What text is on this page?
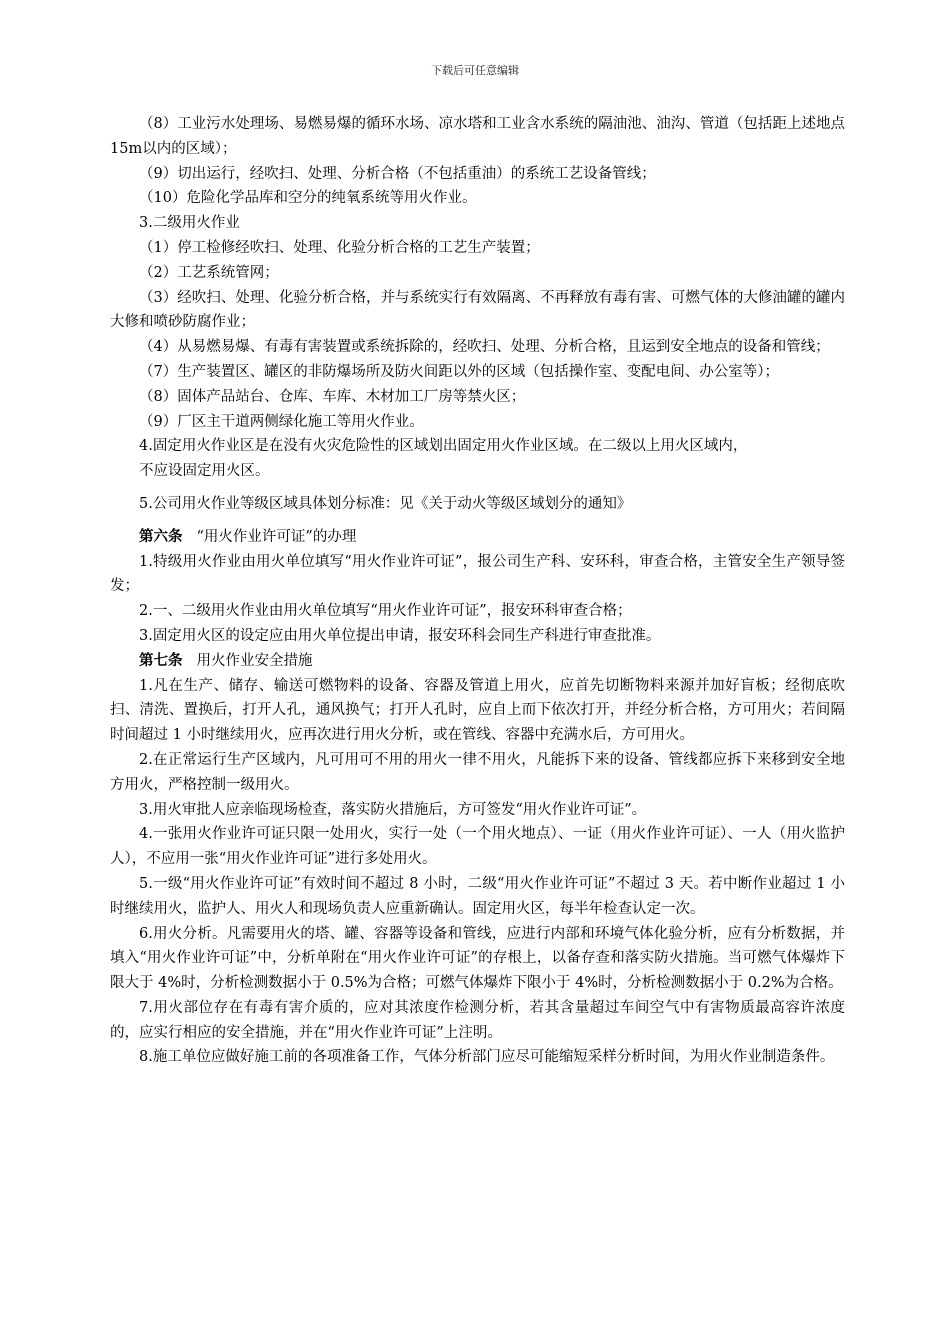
下载后可任意编辑

（8）工业污水处理场、易燃易爆的循环水场、凉水塔和工业含水系统的隔油池、油沟、管道（包括距上述地点15m以内的区域）；

（9）切出运行，经吹扫、处理、分析合格（不包括重油）的系统工艺设备管线；

（10）危险化学品库和空分的纯氧系统等用火作业。

3.二级用火作业

（1）停工检修经吹扫、处理、化验分析合格的工艺生产装置；

（2）工艺系统管网；

（3）经吹扫、处理、化验分析合格，并与系统实行有效隔离、不再释放有毒有害、可燃气体的大修油罐的罐内大修和喷砂防腐作业；

（4）从易燃易爆、有毒有害装置或系统拆除的，经吹扫、处理、分析合格，且运到安全地点的设备和管线；

（7）生产装置区、罐区的非防爆场所及防火间距以外的区域（包括操作室、变配电间、办公室等）；

（8）固体产品站台、仓库、车库、木材加工厂房等禁火区；

（9）厂区主干道两侧绿化施工等用火作业。

4.固定用火作业区是在没有火灾危险性的区域划出固定用火作业区域。在二级以上用火区域内，

不应设固定用火区。

5.公司用火作业等级区域具体划分标准：见《关于动火等级区域划分的通知》

第六条 “用火作业许可证”的办理

1.特级用火作业由用火单位填写“用火作业许可证”，报公司生产科、安环科，审查合格，主管安全生产领导签发；

2.一、二级用火作业由用火单位填写“用火作业许可证”，报安环科审查合格；

3.固定用火区的设定应由用火单位提出申请，报安环科会同生产科进行审查批准。

第七条 用火作业安全措施

1.凡在生产、储存、输送可燃物料的设备、容器及管道上用火，应首先切断物料来源并加好盲板；经彻底吹扫、清洗、置换后，打开人孔，通风换气；打开人孔时，应自上而下依次打开，并经分析合格，方可用火；若间隔时间超过 1 小时继续用火，应再次进行用火分析，或在管线、容器中充满水后，方可用火。

2.在正常运行生产区域内，凡可用可不用的用火一律不用火，凡能拆下来的设备、管线都应拆下来移到安全地方用火，严格控制一级用火。

3.用火审批人应亲临现场检查，落实防火措施后，方可签发“用火作业许可证”。

4.一张用火作业许可证只限一处用火，实行一处（一个用火地点）、一证（用火作业许可证）、一人（用火监护人），不应用一张“用火作业许可证”进行多处用火。

5.一级“用火作业许可证”有效时间不超过 8 小时，二级“用火作业许可证”不超过 3 天。若中断作业超过 1 小时继续用火，监护人、用火人和现场负责人应重新确认。固定用火区，每半年检查认定一次。

6.用火分析。凡需要用火的塔、罐、容器等设备和管线，应进行内部和环境气体化验分析，应有分析数据，并填入“用火作业许可证”中，分析单附在“用火作业许可证”的存根上，以备存查和落实防火措施。当可燃气体爆炸下限大于 4%时，分析检测数据小于 0.5%为合格；可燃气体爆炸下限小于 4%时，分析检测数据小于 0.2%为合格。

7.用火部位存在有毒有害介质的，应对其浓度作检测分析，若其含量超过车间空气中有害物质最高容许浓度的，应实行相应的安全措施，并在“用火作业许可证”上注明。

8.施工单位应做好施工前的各项准备工作，气体分析部门应尽可能缩短采样分析时间，为用火作业制造条件。
